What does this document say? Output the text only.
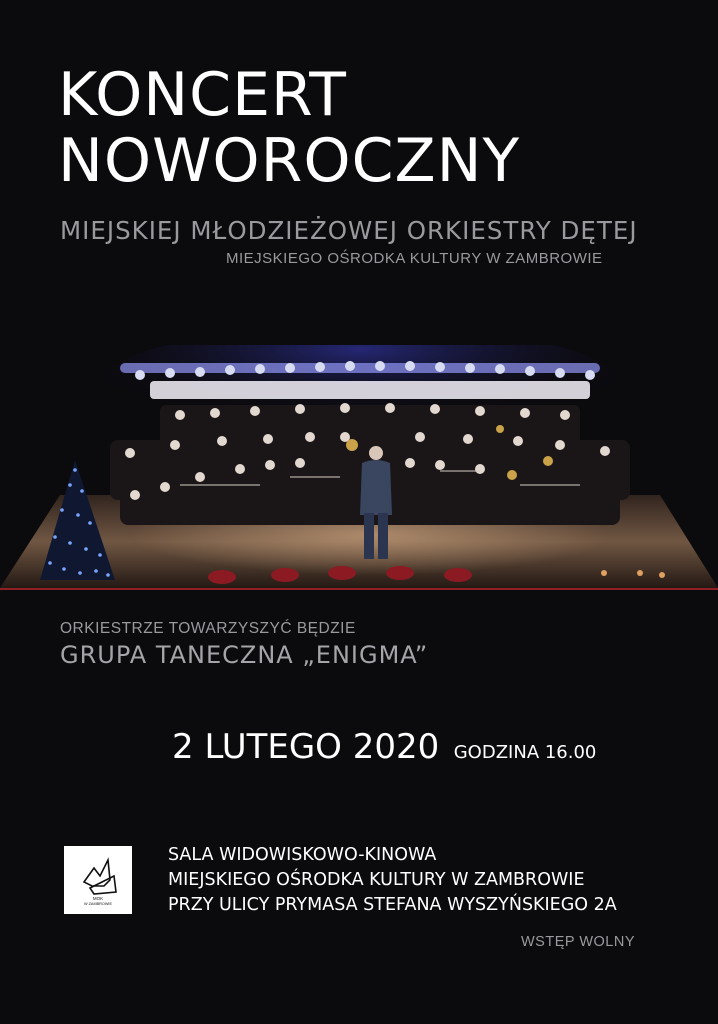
KONCERT
NOWOROCZNY
MIEJSKIEJ MŁODZIEŻOWEJ ORKIESTRY DĘTEJ
MIEJSKIEGO OŚRODKA KULTURY W ZAMBROWIE
ORKIESTRZE TOWARZYSZYĆ BĘDZIE
GRUPA TANECZNA „ENIGMA”
2 LUTEGO 2020 GODZINA 16.00
MOK
W ZAMBROWIE
SALA WIDOWISKOWO-KINOWA
MIEJSKIEGO OŚRODKA KULTURY W ZAMBROWIE
PRZY ULICY PRYMASA STEFANA WYSZYŃSKIEGO 2A
WSTĘP WOLNY
